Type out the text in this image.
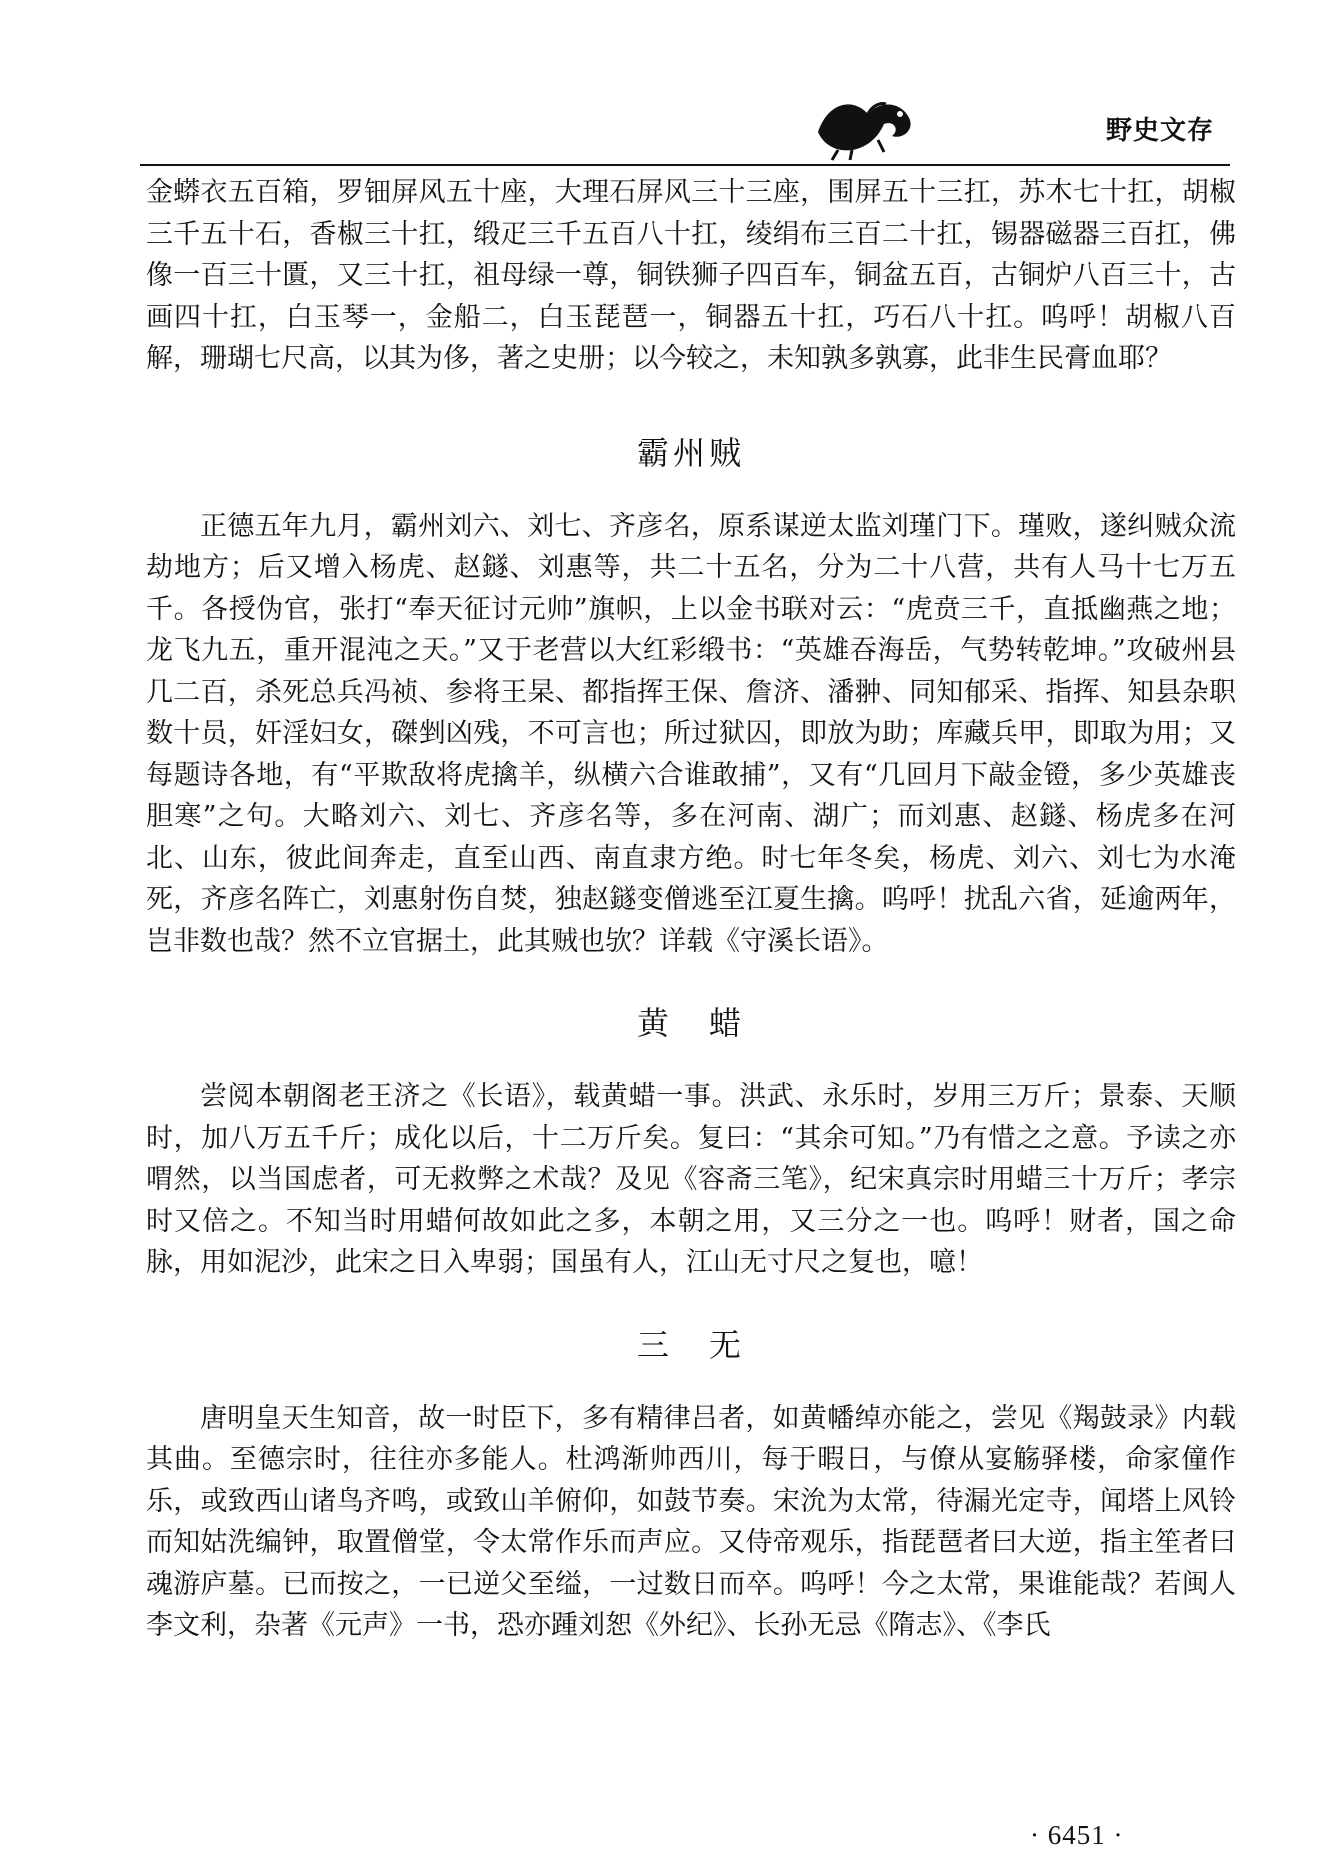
野史文存

金蟒衣五百箱，罗钿屏风五十座，大理石屏风三十三座，围屏五十三扛，苏木七十扛，胡椒三千五十石，香椒三十扛，缎疋三千五百八十扛，绫绢布三百二十扛，锡器磁器三百扛，佛像一百三十匱，又三十扛，祖母绿一尊，铜铁狮子四百车，铜盆五百，古铜炉八百三十，古画四十扛，白玉琴一，金船二，白玉琵琶一，铜器五十扛，巧石八十扛。呜呼！胡椒八百解，珊瑚七尺高，以其为侈，著之史册；以今较之，未知孰多孰寡，此非生民膏血耶？

霸州贼

正德五年九月，霸州刘六、刘七、齐彦名，原系谋逆太监刘瑾门下。瑾败，遂纠贼众流劫地方；后又增入杨虎、赵鐩、刘惠等，共二十五名，分为二十八营，共有人马十七万五千。各授伪官，张打“奉天征讨元帅”旗帜，上以金书联对云：“虎贲三千，直抵幽燕之地；龙飞九五，重开混沌之天。”又于老营以大红彩缎书：“英雄吞海岳，气势转乾坤。”攻破州县几二百，杀死总兵冯祯、参将王杲、都指挥王保、詹济、潘翀、同知郁采、指挥、知县杂职数十员，奸淫妇女，磔剉凶残，不可言也；所过狱囚，即放为助；库藏兵甲，即取为用；又每题诗各地，有“平欺敌将虎擒羊，纵横六合谁敢捕”，又有“几回月下敲金镫，多少英雄丧胆寒”之句。大略刘六、刘七、齐彦名等，多在河南、湖广；而刘惠、赵鐩、杨虎多在河北、山东，彼此间奔走，直至山西、南直隶方绝。时七年冬矣，杨虎、刘六、刘七为水淹死，齐彦名阵亡，刘惠射伤自焚，独赵鐩变僧逃至江夏生擒。呜呼！扰乱六省，延逾两年，岂非数也哉？然不立官据土，此其贼也欤？详载《守溪长语》。

黄　蜡

尝阅本朝阁老王济之《长语》，载黄蜡一事。洪武、永乐时，岁用三万斤；景泰、天顺时，加八万五千斤；成化以后，十二万斤矣。复曰：“其余可知。”乃有惜之之意。予读之亦喟然，以当国虑者，可无救弊之术哉？及见《容斋三笔》，纪宋真宗时用蜡三十万斤；孝宗时又倍之。不知当时用蜡何故如此之多，本朝之用，又三分之一也。呜呼！财者，国之命脉，用如泥沙，此宋之日入卑弱；国虽有人，江山无寸尺之复也，噫！

三　无

唐明皇天生知音，故一时臣下，多有精律吕者，如黄幡绰亦能之，尝见《羯鼓录》内载其曲。至德宗时，往往亦多能人。杜鸿渐帅西川，每于暇日，与僚从宴觞驿楼，命家僮作乐，或致西山诸鸟齐鸣，或致山羊俯仰，如鼓节奏。宋沇为太常，待漏光定寺，闻塔上风铃而知姑洗编钟，取置僧堂，令太常作乐而声应。又侍帝观乐，指琵琶者曰大逆，指主笙者曰魂游庐墓。已而按之，一已逆父至缢，一过数日而卒。呜呼！今之太常，果谁能哉？若闽人李文利，杂著《元声》一书，恐亦踵刘恕《外纪》、长孙无忌《隋志》、《李氏

· 6451 ·
